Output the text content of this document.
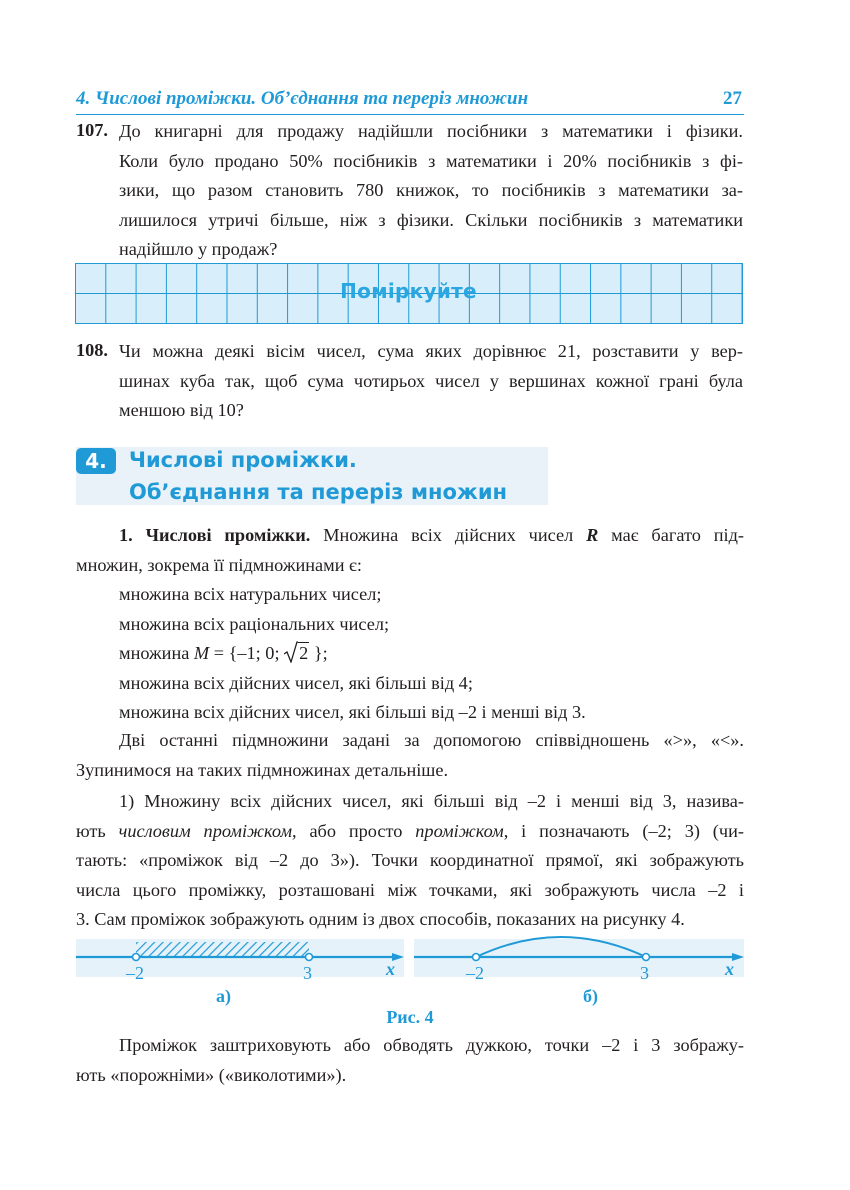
4. Числові проміжки. Об’єднання та переріз множин	27
107. До книгарні для продажу надійшли посібники з математики і фізики.
Коли було продано 50% посібників з математики і 20% посібників з фі-
зики, що разом становить 780 книжок, то посібників з математики за-
лишилося утричі більше, ніж з фізики. Скільки посібників з математики
надійшло у продаж?
Поміркуйте
108. Чи можна деякі вісім чисел, сума яких дорівнює 21, розставити у вер-
шинах куба так, щоб сума чотирьох чисел у вершинах кожної грані була
меншою від 10?
4.	Числові проміжки.
Об’єднання та переріз множин
1. Числові проміжки. Множина всіх дійсних чисел R має багато під-
множин, зокрема її підмножинами є:
множина всіх натуральних чисел;
множина всіх раціональних чисел;
множина M = {–1; 0;
2 };
множина всіх дійсних чисел, які більші від 4;
множина всіх дійсних чисел, які більші від –2 і менші від 3.
Дві останні підмножини задані за допомогою співвідношень «>», «<».
Зупинимося на таких підмножинах детальніше.
1) Множину всіх дійсних чисел, які більші від –2 і менші від 3, назива-
ють числовим проміжком, або просто проміжком, і позначають (–2; 3) (чи-
тають: «проміжок від –2 до 3»). Точки координатної прямої, які зображують
числа цього проміжку, розташовані між точками, які зображують числа –2 і
3. Сам проміжок зображують одним із двох способів, показаних на рисунку 4.
–2	3	x	–2	3	x
а)	б)
Рис. 4
Проміжок заштриховують або обводять дужкою, точки –2 і 3 зображу-
ють «порожніми» («виколотими»).
